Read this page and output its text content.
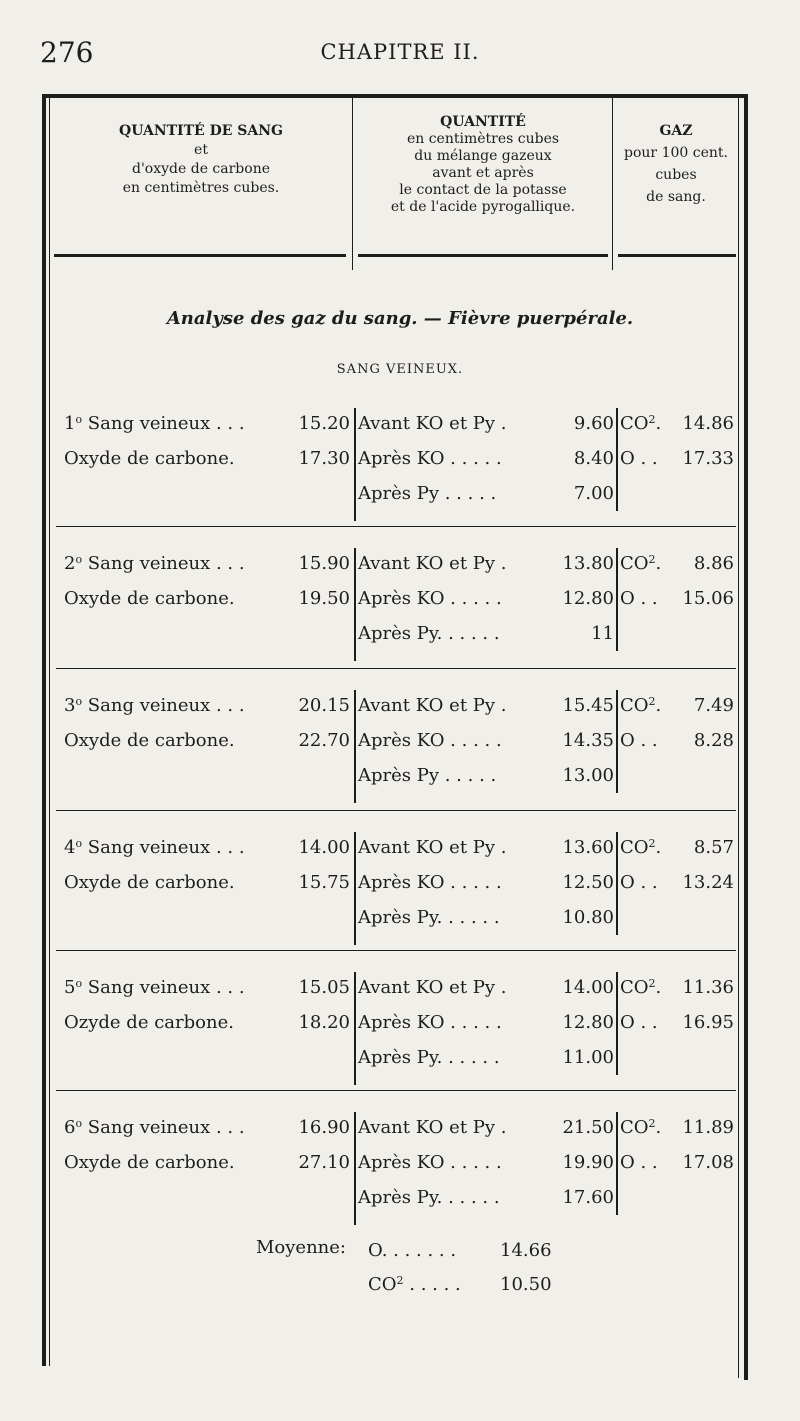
276	CHAPITRE II.
QUANTITÉ DE SANG
et
d'oxyde de carbone
en centimètres cubes.
QUANTITÉ
en centimètres cubes
du mélange gazeux
avant et après
le contact de la potasse
et de l'acide pyrogallique.
GAZ
pour 100 cent.
cubes
de sang.
Analyse des gaz du sang. — Fièvre puerpérale.
SANG VEINEUX.
1$^o$ Sang veineux . . .	15.20 Avant KO et Py .	9.60 $CO^2$. 14.86
Oxyde de carbone.	17.30 Après KO . . . . .	8.40 O . . 17.33
Après Py . . . . .	7.00
2$^o$ Sang veineux . . .	15.90 Avant KO et Py .	13.80 $CO^2$. 8.86
Oxyde de carbone.	19.50 Après KO . . . . .	12.80 O . . 15.06
Après Py. . . . . .	11
3$^o$ Sang veineux . . .	20.15 Avant KO et Py .	15.45 $CO^2$. 7.49
Oxyde de carbone.	22.70 Après KO . . . . .	14.35 O . . 8.28
Après Py . . . . .	13.00
4$^o$ Sang veineux . . .	14.00 Avant KO et Py .	13.60 $CO^2$. 8.57
Oxyde de carbone.	15.75 Après KO . . . . .	12.50 O . . 13.24
Après Py. . . . . .	10.80
5$^o$ Sang veineux . . .	15.05 Avant KO et Py .	14.00 $CO^2$. 11.36
Ozyde de carbone.	18.20 Après KO . . . . .	12.80 O . . 16.95
Après Py. . . . . .	11.00
6$^o$ Sang veineux . . .	16.90 Avant KO et Py .	21.50 $CO^2$. 11.89
Oxyde de carbone.	27.10 Après KO . . . . .	19.90 O . . 17.08
Après Py. . . . . .	17.60
Moyenne: O. . . . . . . 14.66
$CO^2$ . . . . . 10.50
